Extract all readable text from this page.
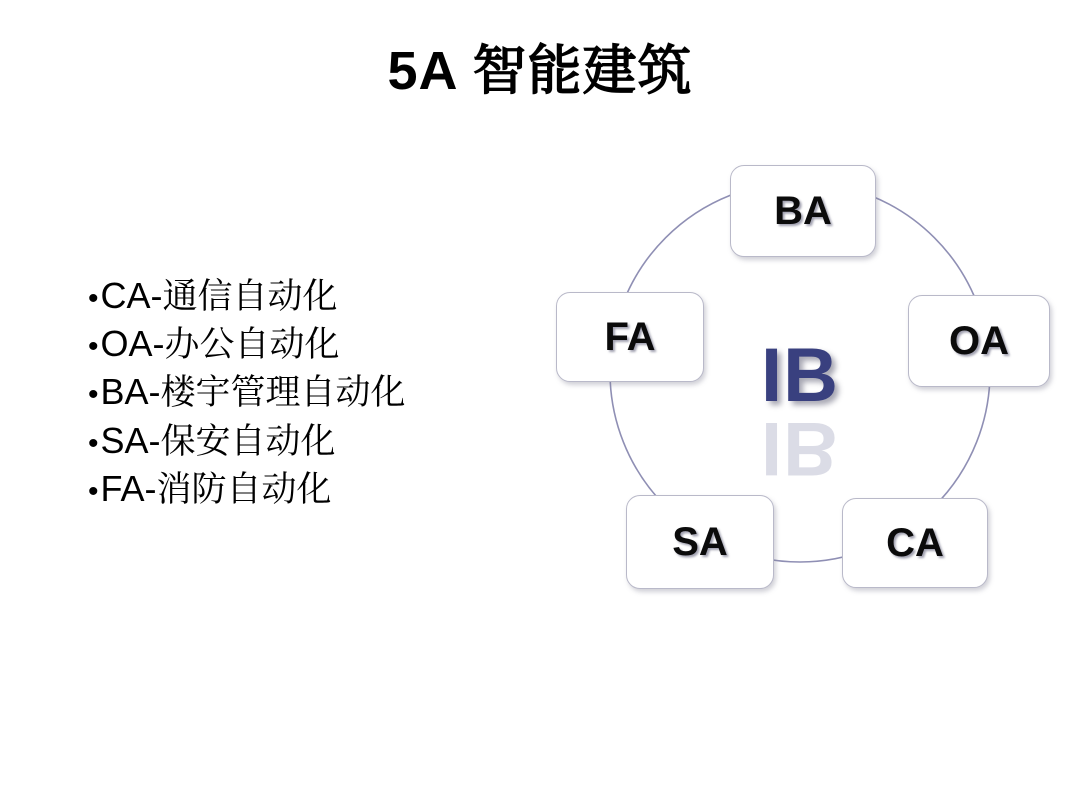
5A 智能建筑
• CA- 通信自动化
• OA- 办公自动化
• BA- 楼宇管理自动化
• SA- 保安自动化
• FA- 消防自动化	IB
IB
BA
OA
CA
SA
FA
